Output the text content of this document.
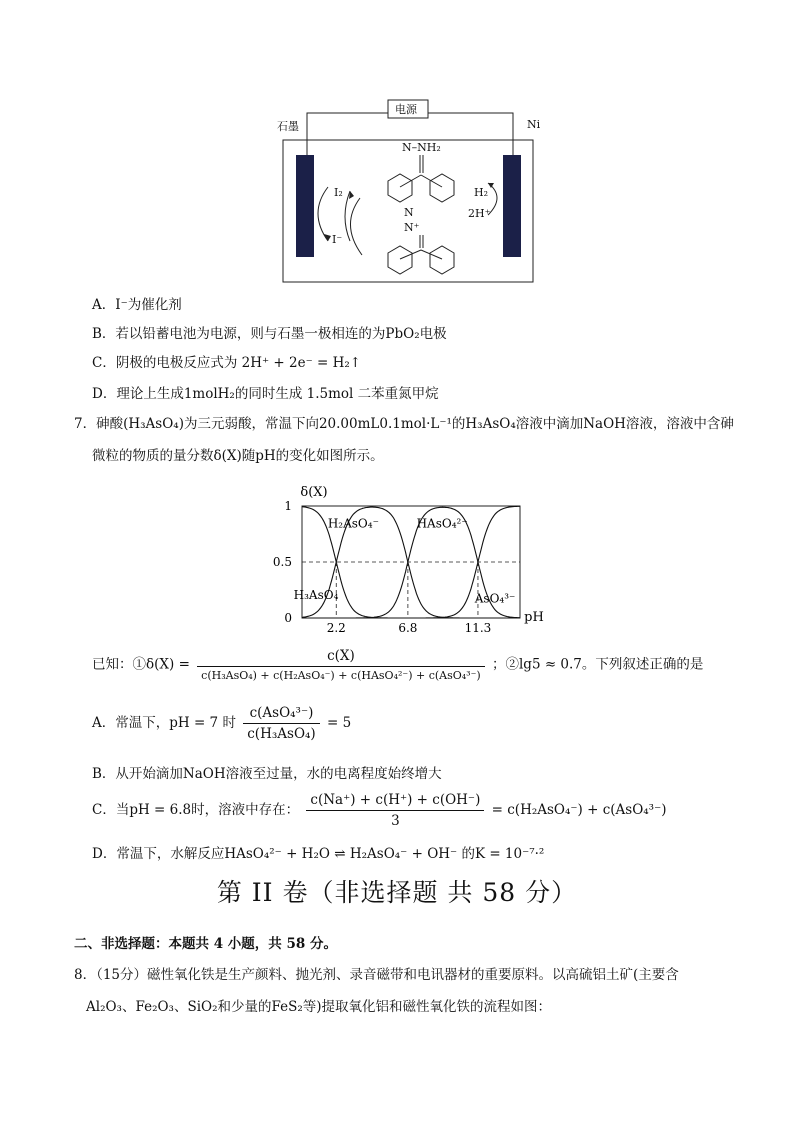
电源
石墨	Ni
N–NH₂
N
N⁺
I₂
I⁻
H₂
2H⁺
A．I⁻为催化剂
B．若以铅蓄电池为电源，则与石墨一极相连的为PbO₂电极
C．阴极的电极反应式为 2H⁺ + 2e⁻ = H₂↑
D．理论上生成1molH₂的同时生成 1.5mol 二苯重氮甲烷
7．砷酸(H₃AsO₄)为三元弱酸，常温下向20.00mL0.1mol·L⁻¹的H₃AsO₄溶液中滴加NaOH溶液，溶液中含砷
微粒的物质的量分数δ(X)随pH的变化如图所示。
2.2	6.8	11.3
0
0.5
1
pH
δ(X)
H₃AsO₄
H₂AsO₄⁻	HAsO₄²⁻
AsO₄³⁻
已知：①δ(X) = $\frac{c(X)}{\text{c(H₃AsO₄) + c(H₂AsO₄⁻) + c(HAsO₄²⁻) + c(AsO₄³⁻)}}$ ；②lg5 ≈ 0.7。下列叙述正确的是
A．常温下，pH = 7 时 $\frac{\text{c(AsO₄³⁻)}}{\text{c(H₃AsO₄)}} = 5$
B．从开始滴加NaOH溶液至过量，水的电离程度始终增大
C．当pH = 6.8时，溶液中存在： $\frac{c(Na^+) + c(H^+) + c(OH^-)}{3} = c(H_2AsO_4^-) + c(AsO_4^{3-})$
D．常温下，水解反应HAsO₄²⁻ + H₂O ⇌ H₂AsO₄⁻ + OH⁻ 的K = 10⁻⁷·²
第 II 卷（非选择题 共 58 分）
二、非选择题：本题共 4 小题，共 58 分。
8．（15分）磁性氧化铁是生产颜料、抛光剂、录音磁带和电讯器材的重要原料。以高硫铝土矿(主要含
Al₂O₃、Fe₂O₃、SiO₂和少量的FeS₂等)提取氧化铝和磁性氧化铁的流程如图：
